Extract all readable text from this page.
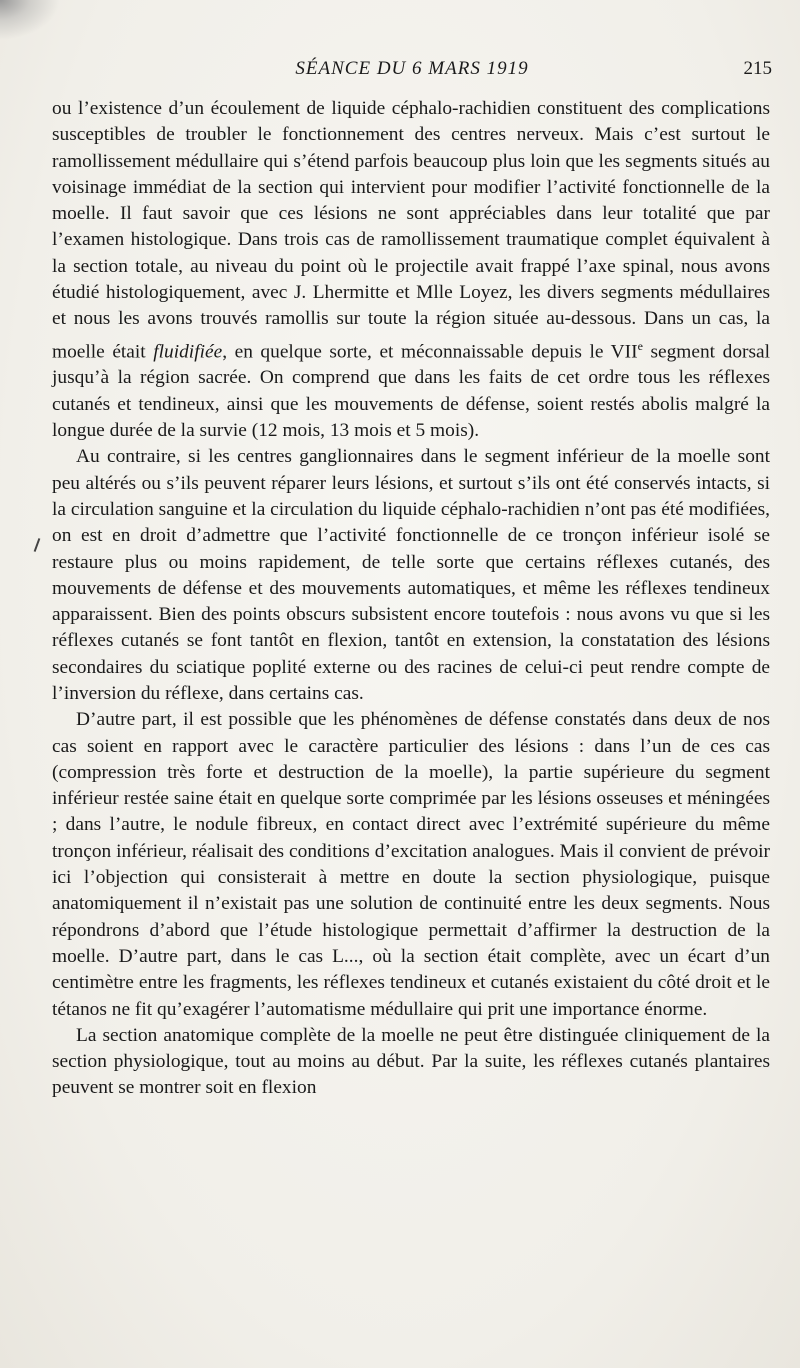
SÉANCE DU 6 MARS 1919	215

ou l’existence d’un écoulement de liquide céphalo-rachidien constituent des complications susceptibles de troubler le fonctionnement des centres nerveux. Mais c’est surtout le ramollissement médullaire qui s’étend parfois beaucoup plus loin que les segments situés au voisinage immédiat de la section qui intervient pour modifier l’activité fonctionnelle de la moelle. Il faut savoir que ces lésions ne sont appréciables dans leur totalité que par l’examen histologique. Dans trois cas de ramollissement traumatique complet équivalent à la section totale, au niveau du point où le projectile avait frappé l’axe spinal, nous avons étudié histologiquement, avec J. Lhermitte et Mlle Loyez, les divers segments médullaires et nous les avons trouvés ramollis sur toute la région située au-dessous. Dans un cas, la moelle était fluidifiée, en quelque sorte, et méconnaissable depuis le VIIe segment dorsal jusqu’à la région sacrée. On comprend que dans les faits de cet ordre tous les réflexes cutanés et tendineux, ainsi que les mouvements de défense, soient restés abolis malgré la longue durée de la survie (12 mois, 13 mois et 5 mois).

Au contraire, si les centres ganglionnaires dans le segment inférieur de la moelle sont peu altérés ou s’ils peuvent réparer leurs lésions, et surtout s’ils ont été conservés intacts, si la circulation sanguine et la circulation du liquide céphalo-rachidien n’ont pas été modifiées, on est en droit d’admettre que l’activité fonctionnelle de ce tronçon inférieur isolé se restaure plus ou moins rapidement, de telle sorte que certains réflexes cutanés, des mouvements de défense et des mouvements automatiques, et même les réflexes tendineux apparaissent. Bien des points obscurs subsistent encore toutefois : nous avons vu que si les réflexes cutanés se font tantôt en flexion, tantôt en extension, la constatation des lésions secondaires du sciatique poplité externe ou des racines de celui-ci peut rendre compte de l’inversion du réflexe, dans certains cas.

D’autre part, il est possible que les phénomènes de défense constatés dans deux de nos cas soient en rapport avec le caractère particulier des lésions : dans l’un de ces cas (compression très forte et destruction de la moelle), la partie supérieure du segment inférieur restée saine était en quelque sorte comprimée par les lésions osseuses et méningées ; dans l’autre, le nodule fibreux, en contact direct avec l’extrémité supérieure du même tronçon inférieur, réalisait des conditions d’excitation analogues. Mais il convient de prévoir ici l’objection qui consisterait à mettre en doute la section physiologique, puisque anatomiquement il n’existait pas une solution de continuité entre les deux segments. Nous répondrons d’abord que l’étude histologique permettait d’affirmer la destruction de la moelle. D’autre part, dans le cas L..., où la section était complète, avec un écart d’un centimètre entre les fragments, les réflexes tendineux et cutanés existaient du côté droit et le tétanos ne fit qu’exagérer l’automatisme médullaire qui prit une importance énorme.

La section anatomique complète de la moelle ne peut être distinguée cliniquement de la section physiologique, tout au moins au début. Par la suite, les réflexes cutanés plantaires peuvent se montrer soit en flexion
